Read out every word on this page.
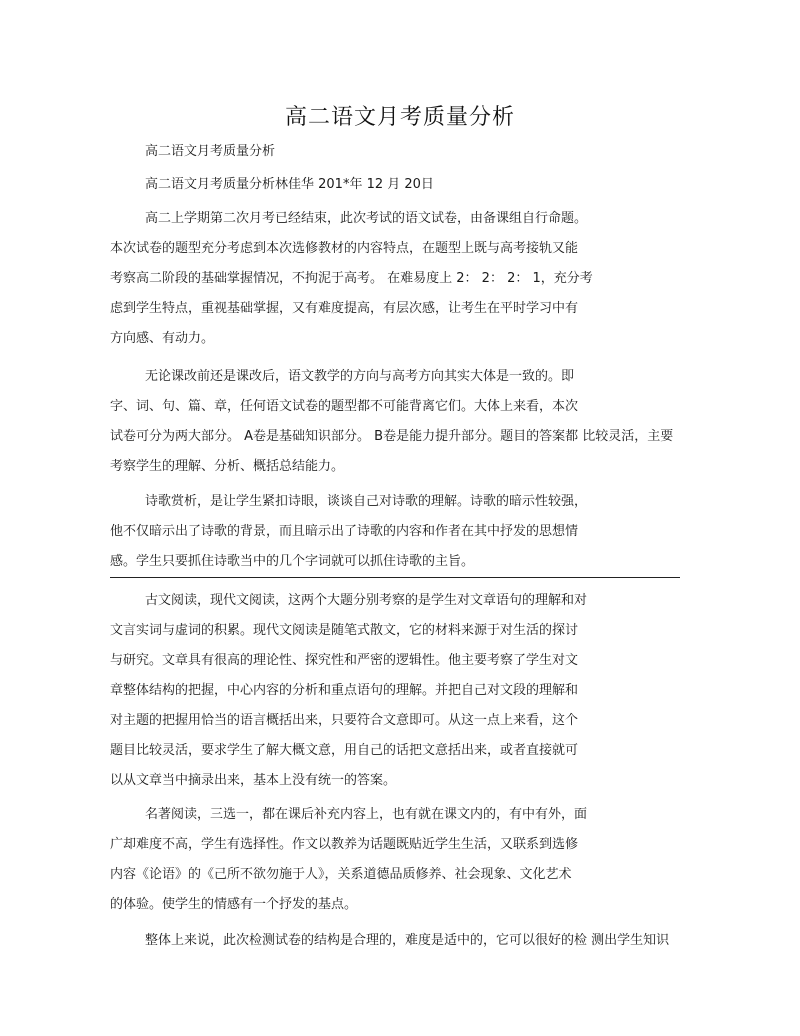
高二语文月考质量分析
高二语文月考质量分析
高二语文月考质量分析林佳华 201*年 12 月 20日
高二上学期第二次月考已经结束，此次考试的语文试卷，由备课组自行命题。
本次试卷的题型充分考虑到本次选修教材的内容特点，在题型上既与高考接轨又能
考察高二阶段的基础掌握情况，不拘泥于高考。 在难易度上 2： 2： 2： 1，充分考
虑到学生特点，重视基础掌握，又有难度提高，有层次感，让考生在平时学习中有
方向感、有动力。
无论课改前还是课改后，语文教学的方向与高考方向其实大体是一致的。即
字、词、句、篇、章，任何语文试卷的题型都不可能背离它们。大体上来看，本次
试卷可分为两大部分。 A卷是基础知识部分。 B卷是能力提升部分。题目的答案都 比较灵活，主要
考察学生的理解、分析、概括总结能力。
诗歌赏析，是让学生紧扣诗眼，谈谈自己对诗歌的理解。诗歌的暗示性较强，
他不仅暗示出了诗歌的背景，而且暗示出了诗歌的内容和作者在其中抒发的思想情
感。学生只要抓住诗歌当中的几个字词就可以抓住诗歌的主旨。
古文阅读，现代文阅读，这两个大题分别考察的是学生对文章语句的理解和对
文言实词与虚词的积累。现代文阅读是随笔式散文，它的材料来源于对生活的探讨
与研究。文章具有很高的理论性、探究性和严密的逻辑性。他主要考察了学生对文
章整体结构的把握，中心内容的分析和重点语句的理解。并把自己对文段的理解和
对主题的把握用恰当的语言概括出来，只要符合文意即可。从这一点上来看，这个
题目比较灵活，要求学生了解大概文意，用自己的话把文意括出来，或者直接就可
以从文章当中摘录出来，基本上没有统一的答案。
名著阅读，三选一，都在课后补充内容上，也有就在课文内的，有中有外，面
广却难度不高，学生有选择性。作文以教养为话题既贴近学生生活，又联系到选修
内容《论语》的《己所不欲勿施于人》，关系道德品质修养、社会现象、文化艺术
的体验。使学生的情感有一个抒发的基点。
整体上来说，此次检测试卷的结构是合理的，难度是适中的，它可以很好的检 测出学生知识
